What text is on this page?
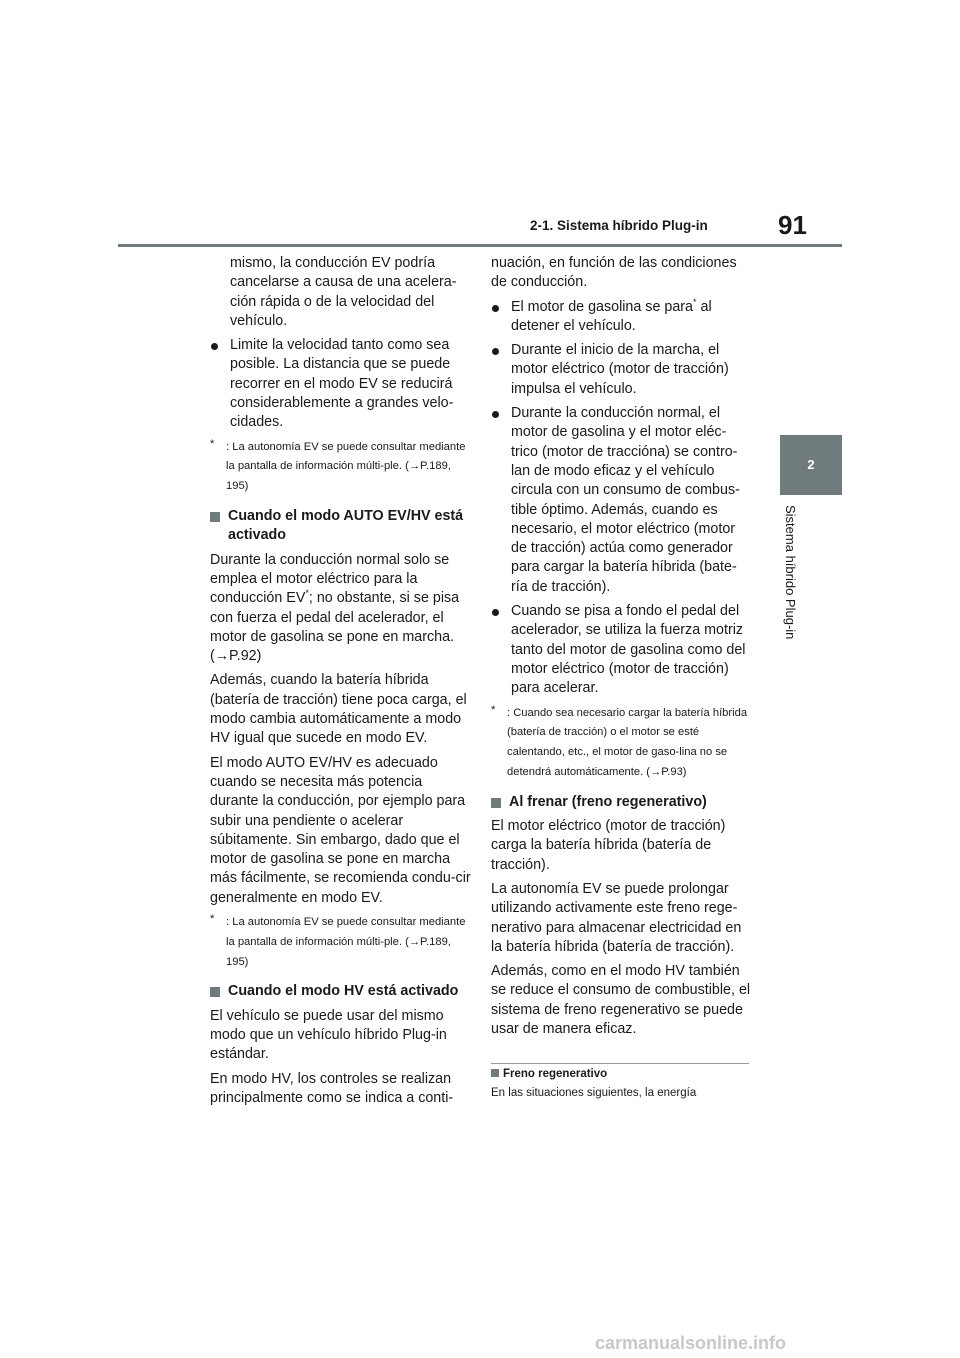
2-1. Sistema híbrido Plug-in	91
2
Sistema híbrido Plug-in

mismo, la conducción EV podría cancelarse a causa de una acelera-ción rápida o de la velocidad del vehículo.

Limite la velocidad tanto como sea posible. La distancia que se puede recorrer en el modo EV se reducirá considerablemente a grandes velo-cidades.
* : La autonomía EV se puede consultar mediante la pantalla de información múlti-ple. (→P.189, 195)
Cuando el modo AUTO EV/HV está activado

Durante la conducción normal solo se emplea el motor eléctrico para la conducción EV*; no obstante, si se pisa con fuerza el pedal del acelerador, el motor de gasolina se pone en marcha. (→P.92)

Además, cuando la batería híbrida (batería de tracción) tiene poca carga, el modo cambia automáticamente a modo HV igual que sucede en modo EV.

El modo AUTO EV/HV es adecuado cuando se necesita más potencia durante la conducción, por ejemplo para subir una pendiente o acelerar súbitamente. Sin embargo, dado que el motor de gasolina se pone en marcha más fácilmente, se recomienda condu-cir generalmente en modo EV.

* : La autonomía EV se puede consultar mediante la pantalla de información múlti-ple. (→P.189, 195)
Cuando el modo HV está activado

El vehículo se puede usar del mismo modo que un vehículo híbrido Plug-in estándar.

En modo HV, los controles se realizan principalmente como se indica a conti-

nuación, en función de las condiciones de conducción.

El motor de gasolina se para* al detener el vehículo.
Durante el inicio de la marcha, el motor eléctrico (motor de tracción) impulsa el vehículo.
Durante la conducción normal, el motor de gasolina y el motor eléc-trico (motor de tracciónа) se contro-lan de modo eficaz y el vehículo circula con un consumo de combus-tible óptimo. Además, cuando es necesario, el motor eléctrico (motor de tracción) actúa como generador para cargar la batería híbrida (bate-ría de tracción).
Cuando se pisa a fondo el pedal del acelerador, se utiliza la fuerza motriz tanto del motor de gasolina como del motor eléctrico (motor de tracción) para acelerar.
* : Cuando sea necesario cargar la batería híbrida (batería de tracción) o el motor se esté calentando, etc., el motor de gaso-lina no se detendrá automáticamente. (→P.93)
Al frenar (freno regenerativo)

El motor eléctrico (motor de tracción) carga la batería híbrida (batería de tracción).

La autonomía EV se puede prolongar utilizando activamente este freno rege-nerativo para almacenar electricidad en la batería híbrida (batería de tracción).

Además, como en el modo HV también se reduce el consumo de combustible, el sistema de freno regenerativo se puede usar de manera eficaz.

Freno regenerativo
En las situaciones siguientes, la energía
carmanualsonline.info
